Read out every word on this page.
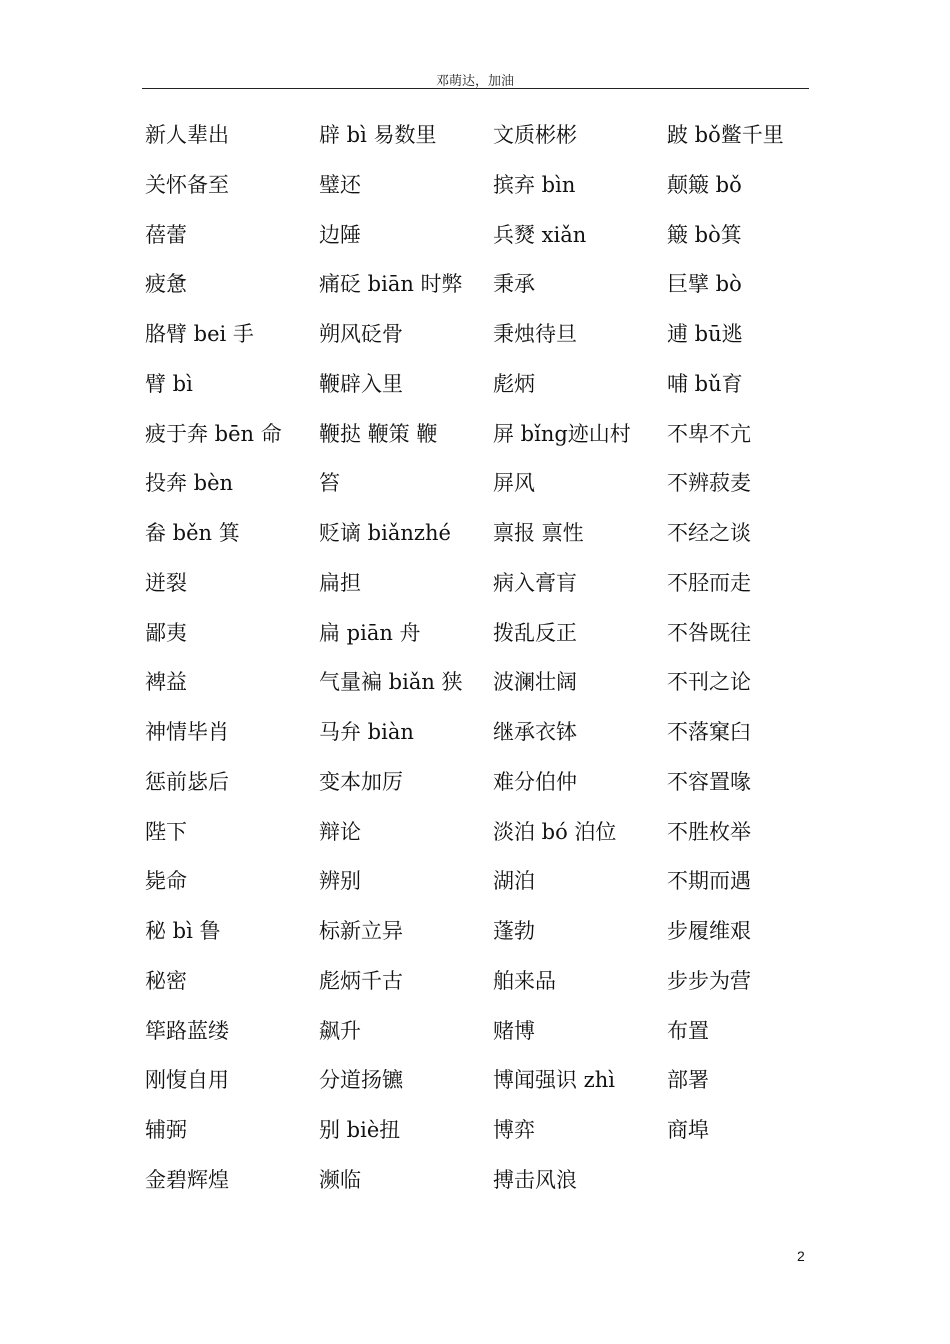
邓萌达，加油
新人辈出	辟 bì 易数里	文质彬彬	跛 bǒ鳖千里
关怀备至	璧还	摈弃 bìn	颠簸 bǒ
蓓蕾	边陲	兵燹 xiǎn	簸 bò箕
疲惫	痛砭 biān 时弊	秉承	巨擘 bò
胳臂 bei 手	朔风砭骨	秉烛待旦	逋 bū逃
臂 bì	鞭辟入里	彪炳	哺 bǔ育
疲于奔 bēn 命	鞭挞 鞭策 鞭	屏 bǐng迹山村	不卑不亢
投奔 bèn	笞	屏风	不辨菽麦
畚 běn 箕	贬谪 biǎnzhé	禀报 禀性	不经之谈
迸裂	扁担	病入膏肓	不胫而走
鄙夷	扁 piān 舟	拨乱反正	不咎既往
裨益	气量褊 biǎn 狭	波澜壮阔	不刊之论
神情毕肖	马弁 biàn	继承衣钵	不落窠臼
惩前毖后	变本加厉	难分伯仲	不容置喙
陛下	辩论	淡泊 bó 泊位	不胜枚举
毙命	辨别	湖泊	不期而遇
秘 bì 鲁	标新立异	蓬勃	步履维艰
秘密	彪炳千古	舶来品	步步为营
筚路蓝缕	飙升	赌博	布置
刚愎自用	分道扬镳	博闻强识 zhì	部署
辅弼	别 biè扭	博弈	商埠
金碧辉煌	濒临	搏击风浪
2
